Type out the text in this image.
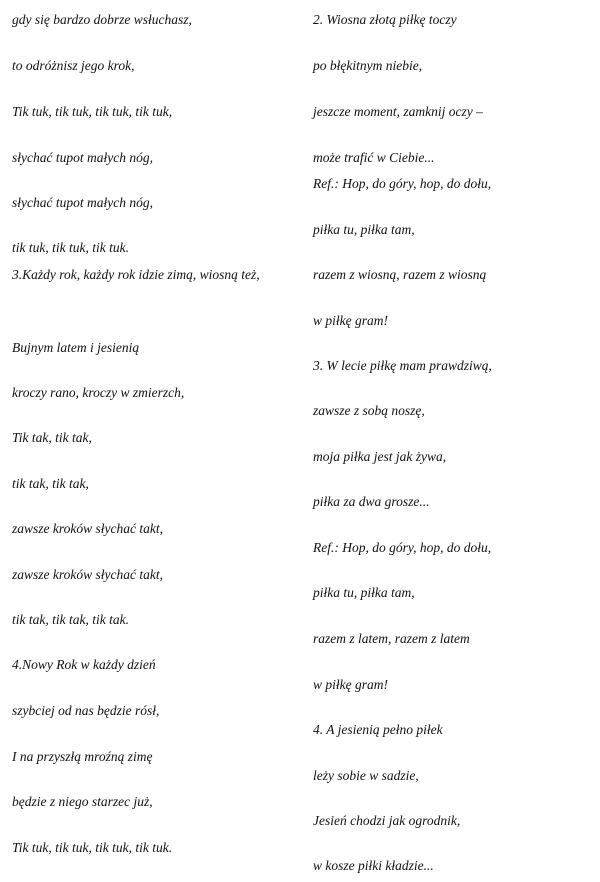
gdy się bardzo dobrze wsłuchasz,
to odróżnisz jego krok,
Tik tuk, tik tuk, tik tuk, tik tuk,
słychać tupot małych nóg,
słychać tupot małych nóg,
tik tuk, tik tuk, tik tuk.
3.Każdy rok, każdy rok idzie zimą, wiosną też,
Bujnym latem i jesienią
kroczy rano, kroczy w zmierzch,
Tik tak, tik tak,
tik tak, tik tak,
zawsze kroków słychać takt,
zawsze kroków słychać takt,
tik tak, tik tak, tik tak.
4.Nowy Rok w każdy dzień
szybciej od nas będzie rósł,
I na przyszłą mroźną zimę
będzie z niego starzec już,
Tik tuk, tik tuk, tik tuk, tik tuk.
2. Wiosna złotą piłkę toczy
po błękitnym niebie,
jeszcze moment, zamknij oczy –
może trafić w Ciebie...
Ref.: Hop, do góry, hop, do dołu,
piłka tu, piłka tam,
razem z wiosną, razem z wiosną
w piłkę gram!
3. W lecie piłkę mam prawdziwą,
zawsze z sobą noszę,
moja piłka jest jak żywa,
piłka za dwa grosze...
Ref.: Hop, do góry, hop, do dołu,
piłka tu, piłka tam,
razem z latem, razem z latem
w piłkę gram!
4. A jesienią pełno piłek
leży sobie w sadzie,
Jesień chodzi jak ogrodnik,
w kosze piłki kładzie...
